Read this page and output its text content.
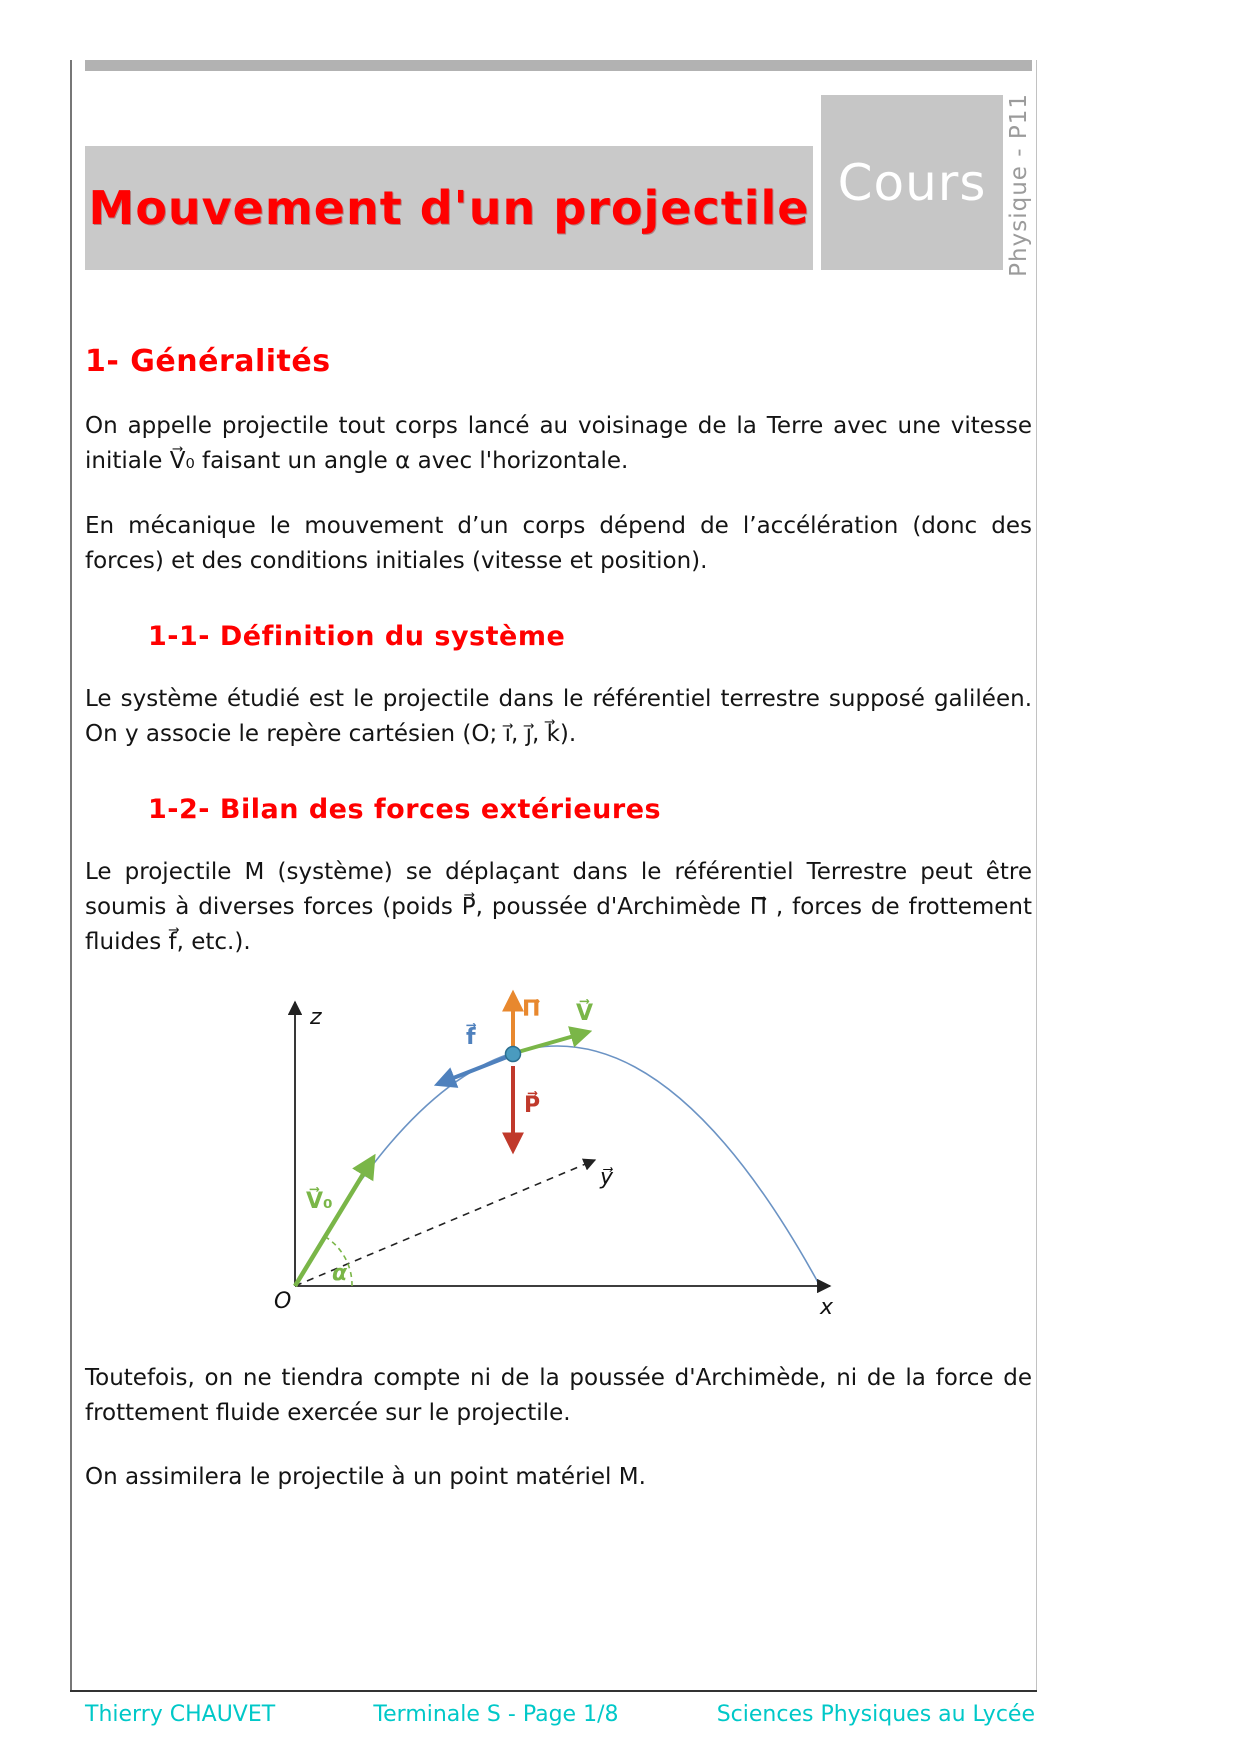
Mouvement d'un projectile Cours Physique - P11
1- Généralités

On appelle projectile tout corps lancé au voisinage de la Terre avec une vitesse initiale V⃗₀ faisant un angle α avec l'horizontale.

En mécanique le mouvement d’un corps dépend de l’accélération (donc des forces) et des conditions initiales (vitesse et position).

1-1- Définition du système

Le système étudié est le projectile dans le référentiel terrestre supposé galiléen. On y associe le repère cartésien (O; i⃗, j⃗, k⃗).

1-2- Bilan des forces extérieures

Le projectile M (système) se déplaçant dans le référentiel Terrestre peut être soumis à diverses forces (poids P⃗, poussée d'Archimède Π⃗ , forces de frottement fluides f⃗, etc.).

z
x
y⃗
O
V⃗₀
α
Π⃗ V⃗
f⃗
P⃗

Toutefois, on ne tiendra compte ni de la poussée d'Archimède, ni de la force de frottement fluide exercée sur le projectile.

On assimilera le projectile à un point matériel M.

Thierry CHAUVET	Terminale S - Page 1/8	Sciences Physiques au Lycée
